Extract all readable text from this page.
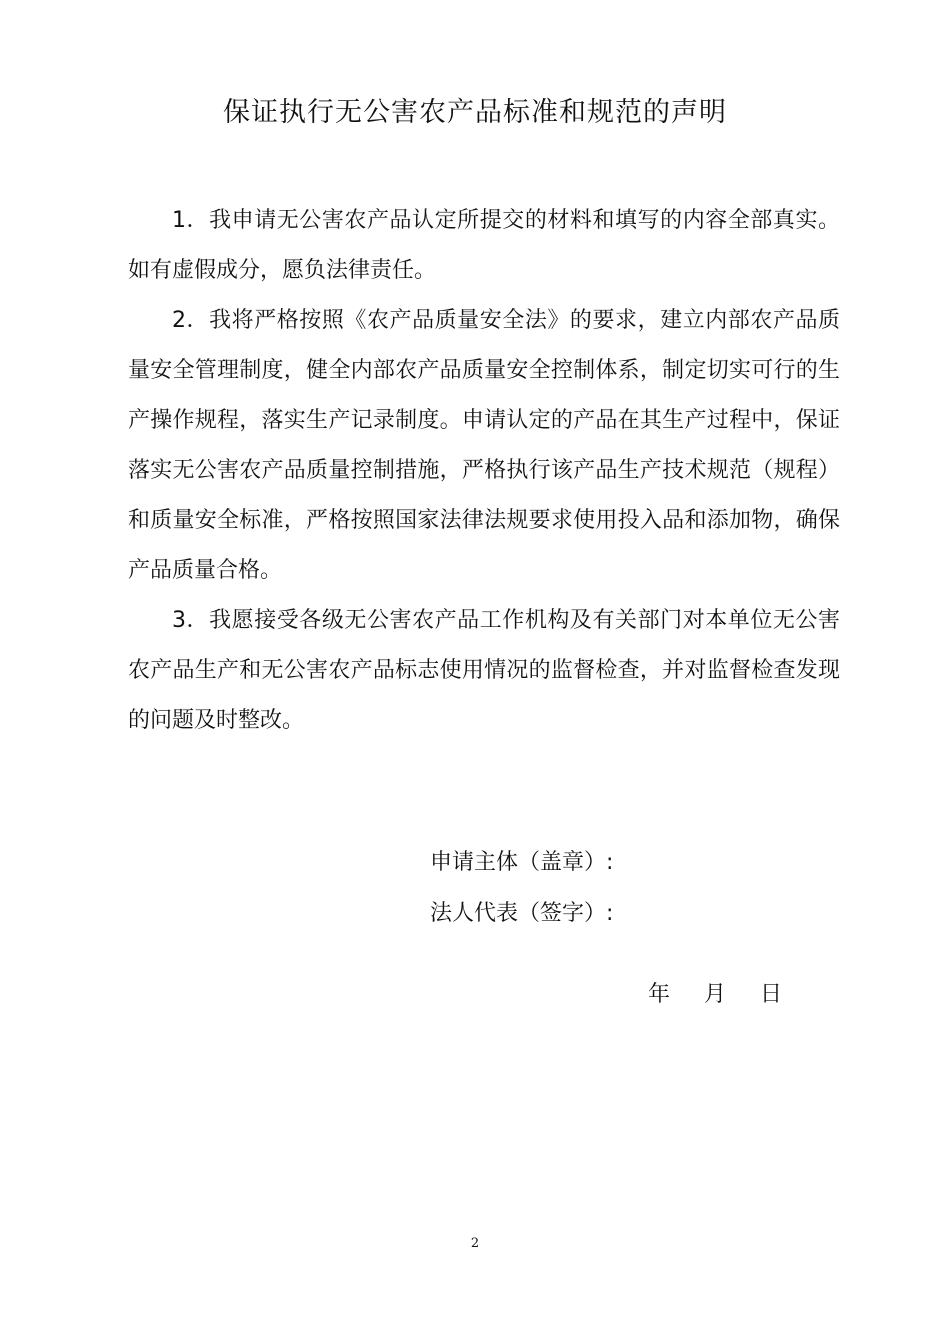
保证执行无公害农产品标准和规范的声明

1．我申请无公害农产品认定所提交的材料和填写的内容全部真实。如有虚假成分，愿负法律责任。

2．我将严格按照《农产品质量安全法》的要求，建立内部农产品质量安全管理制度，健全内部农产品质量安全控制体系，制定切实可行的生产操作规程，落实生产记录制度。申请认定的产品在其生产过程中，保证落实无公害农产品质量控制措施，严格执行该产品生产技术规范（规程）和质量安全标准，严格按照国家法律法规要求使用投入品和添加物，确保产品质量合格。

3．我愿接受各级无公害农产品工作机构及有关部门对本单位无公害农产品生产和无公害农产品标志使用情况的监督检查，并对监督检查发现的问题及时整改。

申请主体（盖章）:
法人代表（签字）:

年 月 日

2
